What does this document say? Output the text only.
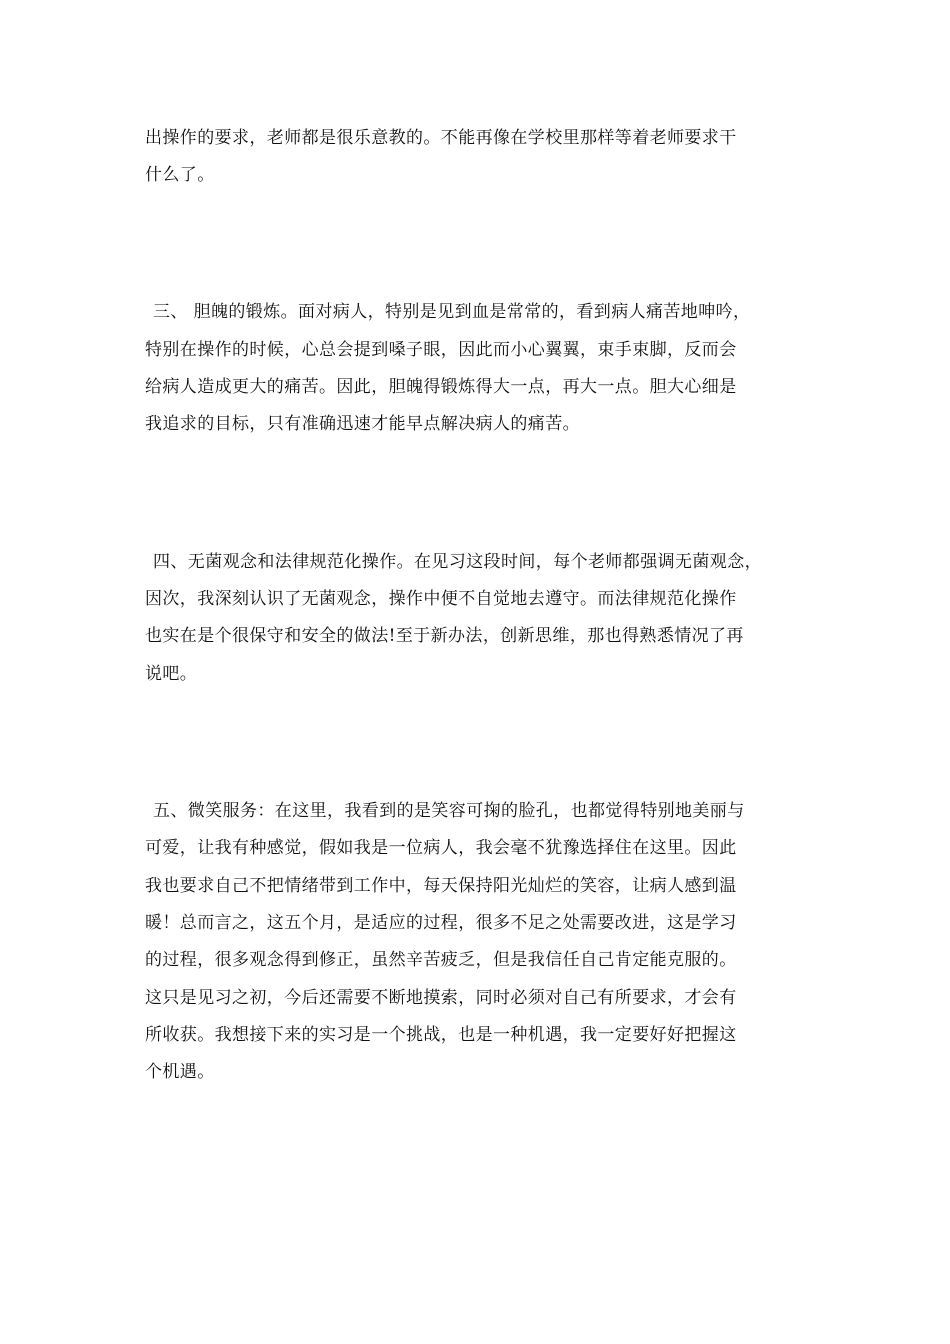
出操作的要求，老师都是很乐意教的。不能再像在学校里那样等着老师要求干
什么了。
三、 胆魄的锻炼。面对病人，特别是见到血是常常的，看到病人痛苦地呻吟，
特别在操作的时候，心总会提到嗓子眼，因此而小心翼翼，束手束脚，反而会
给病人造成更大的痛苦。因此，胆魄得锻炼得大一点，再大一点。胆大心细是
我追求的目标，只有准确迅速才能早点解决病人的痛苦。
四、无菌观念和法律规范化操作。在见习这段时间，每个老师都强调无菌观念，
因次，我深刻认识了无菌观念，操作中便不自觉地去遵守。而法律规范化操作
也实在是个很保守和安全的做法!至于新办法，创新思维，那也得熟悉情况了再
说吧。
五、微笑服务：在这里，我看到的是笑容可掬的脸孔，也都觉得特别地美丽与
可爱，让我有种感觉，假如我是一位病人，我会毫不犹豫选择住在这里。因此
我也要求自己不把情绪带到工作中，每天保持阳光灿烂的笑容，让病人感到温
暖！总而言之，这五个月，是适应的过程，很多不足之处需要改进，这是学习
的过程，很多观念得到修正，虽然辛苦疲乏，但是我信任自己肯定能克服的。
这只是见习之初，今后还需要不断地摸索，同时必须对自己有所要求，才会有
所收获。我想接下来的实习是一个挑战，也是一种机遇，我一定要好好把握这
个机遇。
